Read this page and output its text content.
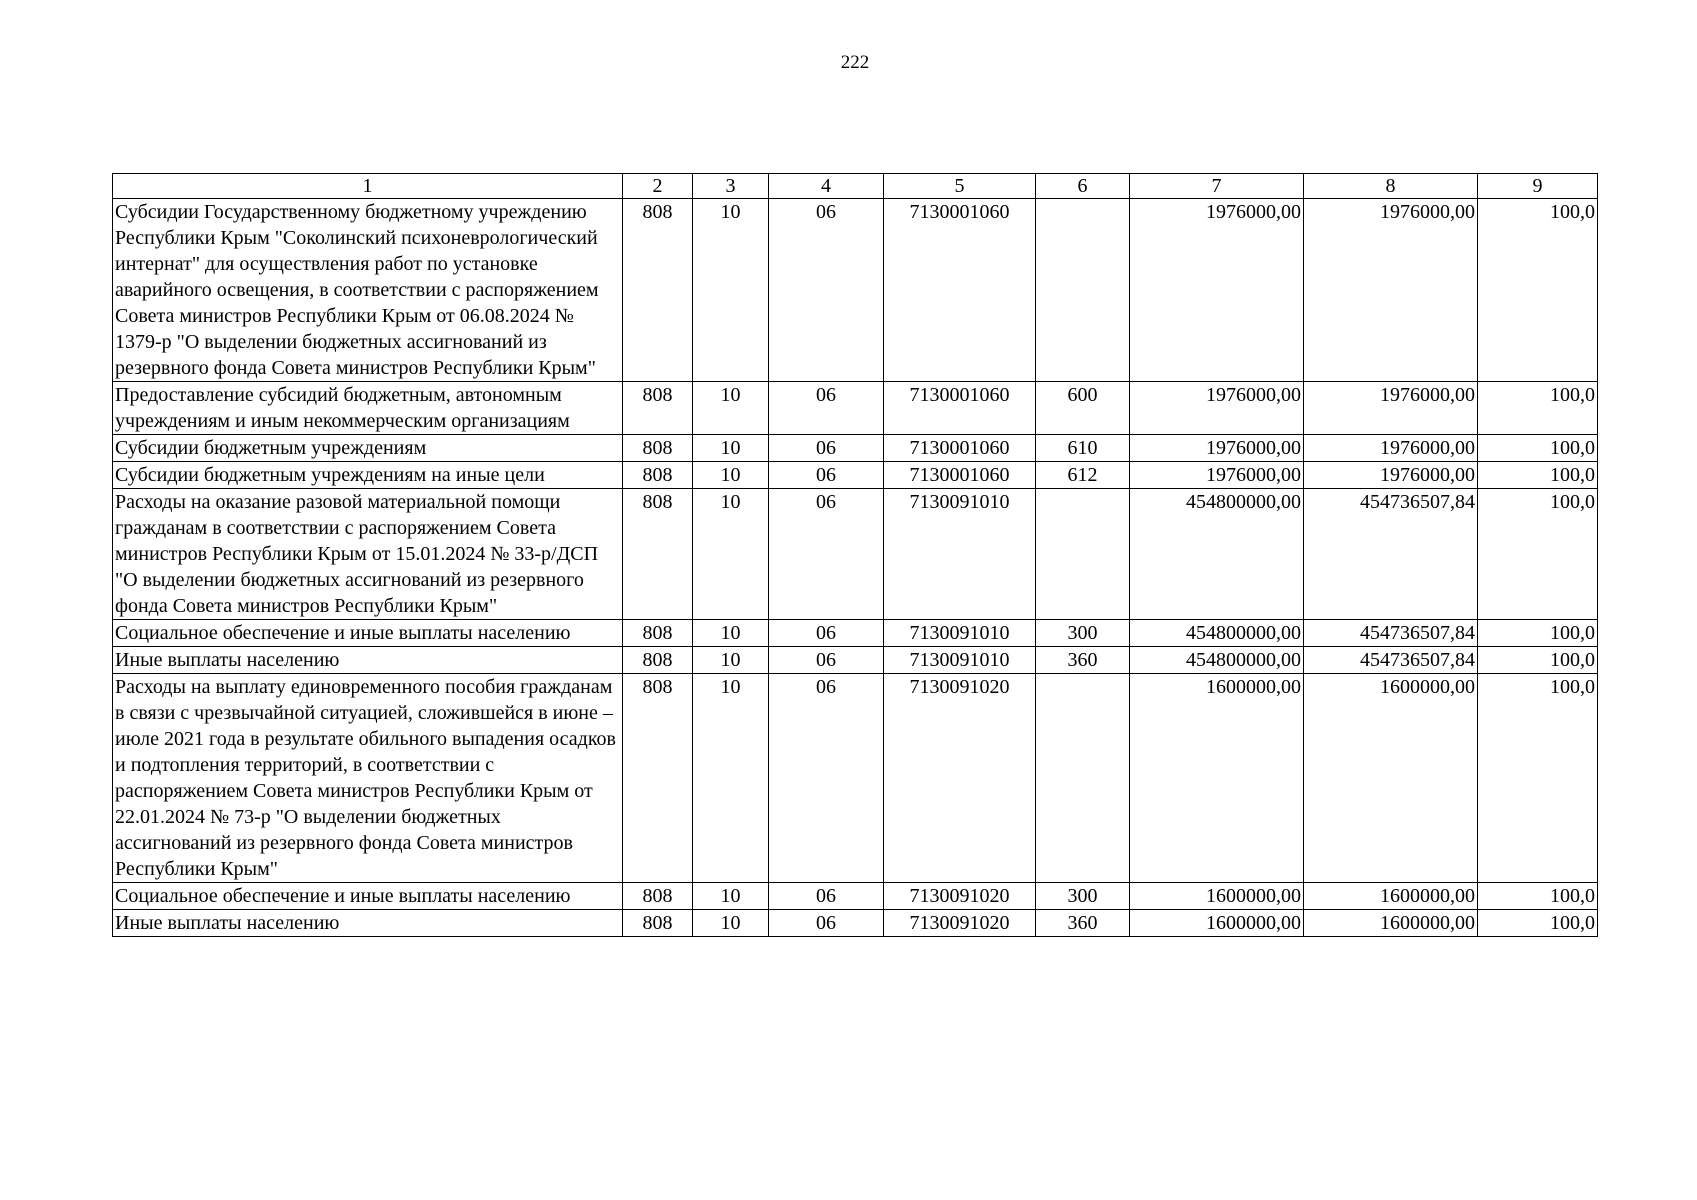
222
1	2	3	4	5	6	7	8	9
Субсидии Государственному бюджетному учреждению Республики Крым "Соколинский психоневрологический интернат" для осуществления работ по установке аварийного освещения, в соответствии с распоряжением Совета министров Республики Крым от 06.08.2024 № 1379-р "О выделении бюджетных ассигнований из резервного фонда Совета министров Республики Крым"	808	10	06	7130001060		1976000,00	1976000,00	100,0
Предоставление субсидий бюджетным, автономным учреждениям и иным некоммерческим организациям	808	10	06	7130001060	600	1976000,00	1976000,00	100,0
Субсидии бюджетным учреждениям	808	10	06	7130001060	610	1976000,00	1976000,00	100,0
Субсидии бюджетным учреждениям на иные цели	808	10	06	7130001060	612	1976000,00	1976000,00	100,0
Расходы на оказание разовой материальной помощи гражданам в соответствии с распоряжением Совета министров Республики Крым от 15.01.2024 № 33-р/ДСП "О выделении бюджетных ассигнований из резервного фонда Совета министров Республики Крым"	808	10	06	7130091010		454800000,00	454736507,84	100,0
Социальное обеспечение и иные выплаты населению	808	10	06	7130091010	300	454800000,00	454736507,84	100,0
Иные выплаты населению	808	10	06	7130091010	360	454800000,00	454736507,84	100,0
Расходы на выплату единовременного пособия гражданам в связи с чрезвычайной ситуацией, сложившейся в июне – июле 2021 года в результате обильного выпадения осадков и подтопления территорий, в соответствии с распоряжением Совета министров Республики Крым от 22.01.2024 № 73-р "О выделении бюджетных ассигнований из резервного фонда Совета министров Республики Крым"	808	10	06	7130091020		1600000,00	1600000,00	100,0
Социальное обеспечение и иные выплаты населению	808	10	06	7130091020	300	1600000,00	1600000,00	100,0
Иные выплаты населению	808	10	06	7130091020	360	1600000,00	1600000,00	100,0
